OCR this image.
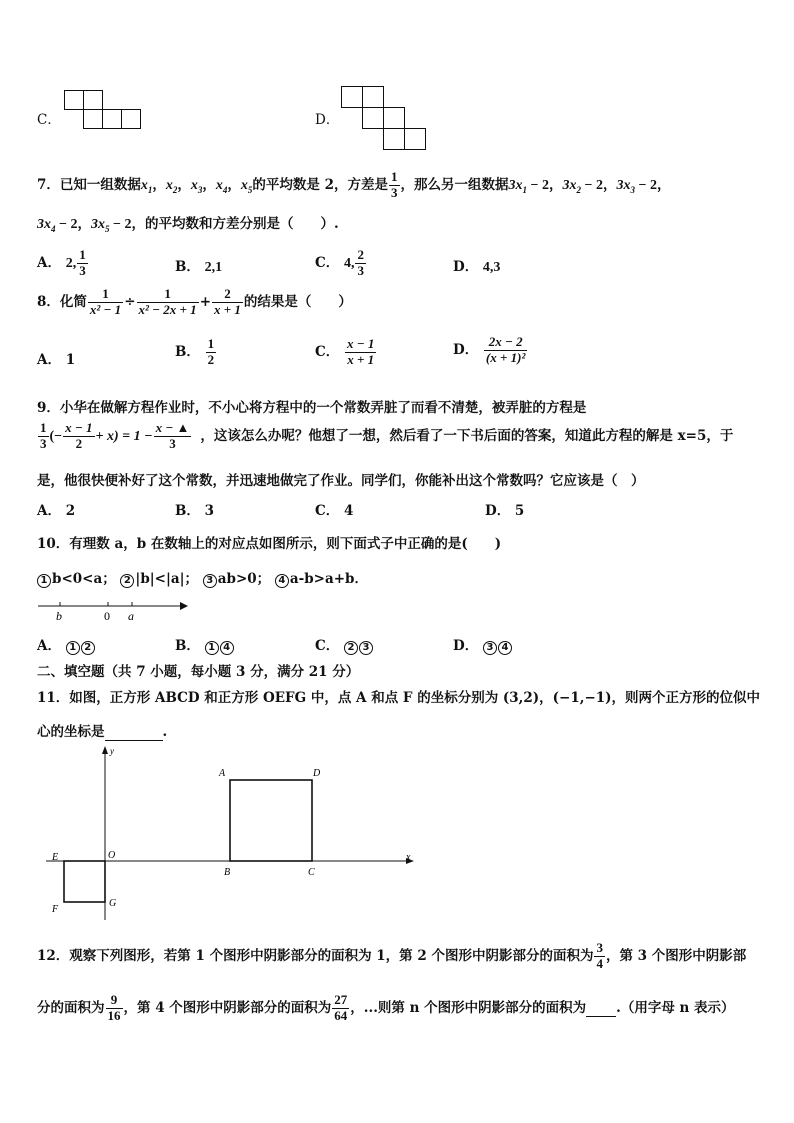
C．	D．
7．已知一组数据$x_1$，$x_2$，$x_3$，$x_4$，$x_5$的平均数是 2，方差是 $\frac{1}{3}$ ，那么另一组数据$3x_1 - 2$，$3x_2 - 2$，$3x_3 - 2$，
$3x_4 - 2$，$3x_5 - 2$，的平均数和方差分别是（　　）.
A． 2, $\frac{1}{3}$	B． 2,1	C． 4, $\frac{2}{3}$	D． 4,3
8．化简 $\frac{1}{\text{x² − 1}} \div \frac{1}{\text{x² − 2x + 1}} + \frac{2}{x + 1}$ 的结果是（　　）
A． 1
B． $\frac{1}{2}$	C． $\frac{x - 1}{x + 1}$	D． $\frac{2x - 2}{\text{(x + 1)²}}$
9．小华在做解方程作业时，不小心将方程中的一个常数弄脏了而看不清楚，被弄脏的方程是
$\frac{1}{3}$ (− $\frac{x - 1}{2} + x) = 1 - \frac{x - ▲}{3}$ ，这该怎么办呢？他想了一想，然后看了一下书后面的答案，知道此方程的解是 x=5，于
是，他很快便补好了这个常数，并迅速地做完了作业。同学们，你能补出这个常数吗？它应该是（　）
A． 2	B． 3	C． 4	D． 5
10．有理数 a，b 在数轴上的对应点如图所示，则下面式子中正确的是(　　)
1 b<0<a； 2 |b|<|a|； 3 ab>0； 4 a-b>a+b．
b	0 a
A． 1 2	B． 1 4	C． 2 3	D． 3 4
二、填空题（共 7 小题，每小题 3 分，满分 21 分）
11．如图，正方形 ABCD 和正方形 OEFG 中，点 A 和点 F 的坐标分别为 (3,2)，(−1,−1)，则两个正方形的位似中
心的坐标是	.
y
x
O
E
F
G
A
B	C
D
12．观察下列图形，若第 1 个图形中阴影部分的面积为 1，第 2 个图形中阴影部分的面积为 $\frac{3}{4}$ ，第 3 个图形中阴影部
分的面积为 $\frac{9}{16}$ ，第 4 个图形中阴影部分的面积为 $\frac{27}{64}$ ，...则第 n 个图形中阴影部分的面积为 .（用字母 n 表示）
